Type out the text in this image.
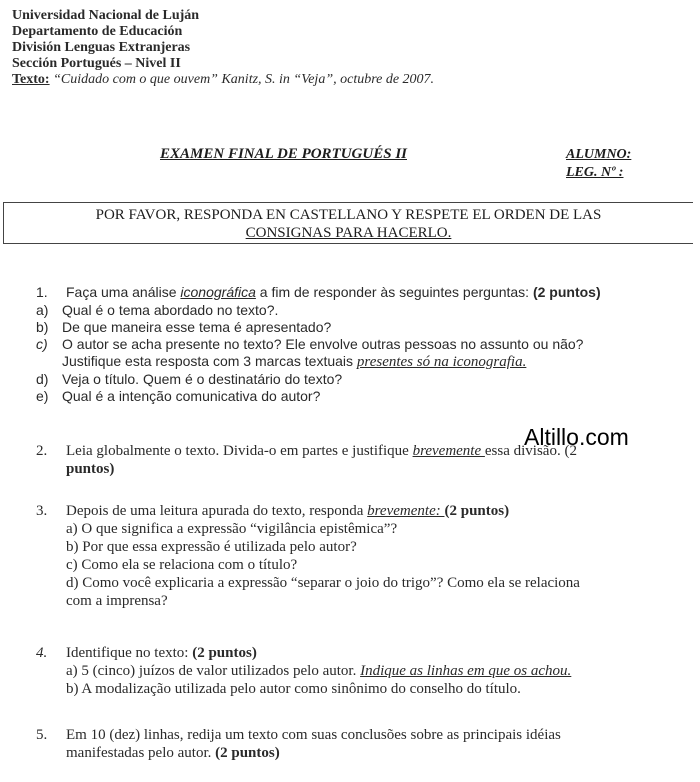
Universidad Nacional de Luján
Departamento de Educación
División Lenguas Extranjeras
Sección Portugués – Nivel II
Texto: “Cuidado com o que ouvem” Kanitz, S. in “Veja”, octubre de 2007.
EXAMEN FINAL DE PORTUGUÉS II	ALUMNO:
LEG. Nº :
POR FAVOR, RESPONDA EN CASTELLANO Y RESPETE EL ORDEN DE LAS
CONSIGNAS PARA HACERLO.
1. Faça uma análise iconográfica a fim de responder às seguintes perguntas: (2 puntos)
a) Qual é o tema abordado no texto?.
b) De que maneira esse tema é apresentado?
c) O autor se acha presente no texto? Ele envolve outras pessoas no assunto ou não?
Justifique esta resposta com 3 marcas textuais presentes só na iconografia.
d) Veja o título. Quem é o destinatário do texto?
e) Qual é a intenção comunicativa do autor?
Altillo.com
2. Leia globalmente o texto. Divida-o em partes e justifique brevemente essa divisão. (2
puntos)
3. Depois de uma leitura apurada do texto, responda brevemente: (2 puntos)
a) O que significa a expressão “vigilância epistêmica”?
b) Por que essa expressão é utilizada pelo autor?
c) Como ela se relaciona com o título?
d) Como você explicaria a expressão “separar o joio do trigo”? Como ela se relaciona
com a imprensa?
4. Identifique no texto: (2 puntos)
a) 5 (cinco) juízos de valor utilizados pelo autor. Indique as linhas em que os achou.
b) A modalização utilizada pelo autor como sinônimo do conselho do título.
5. Em 10 (dez) linhas, redija um texto com suas conclusões sobre as principais idéias
manifestadas pelo autor. (2 puntos)
